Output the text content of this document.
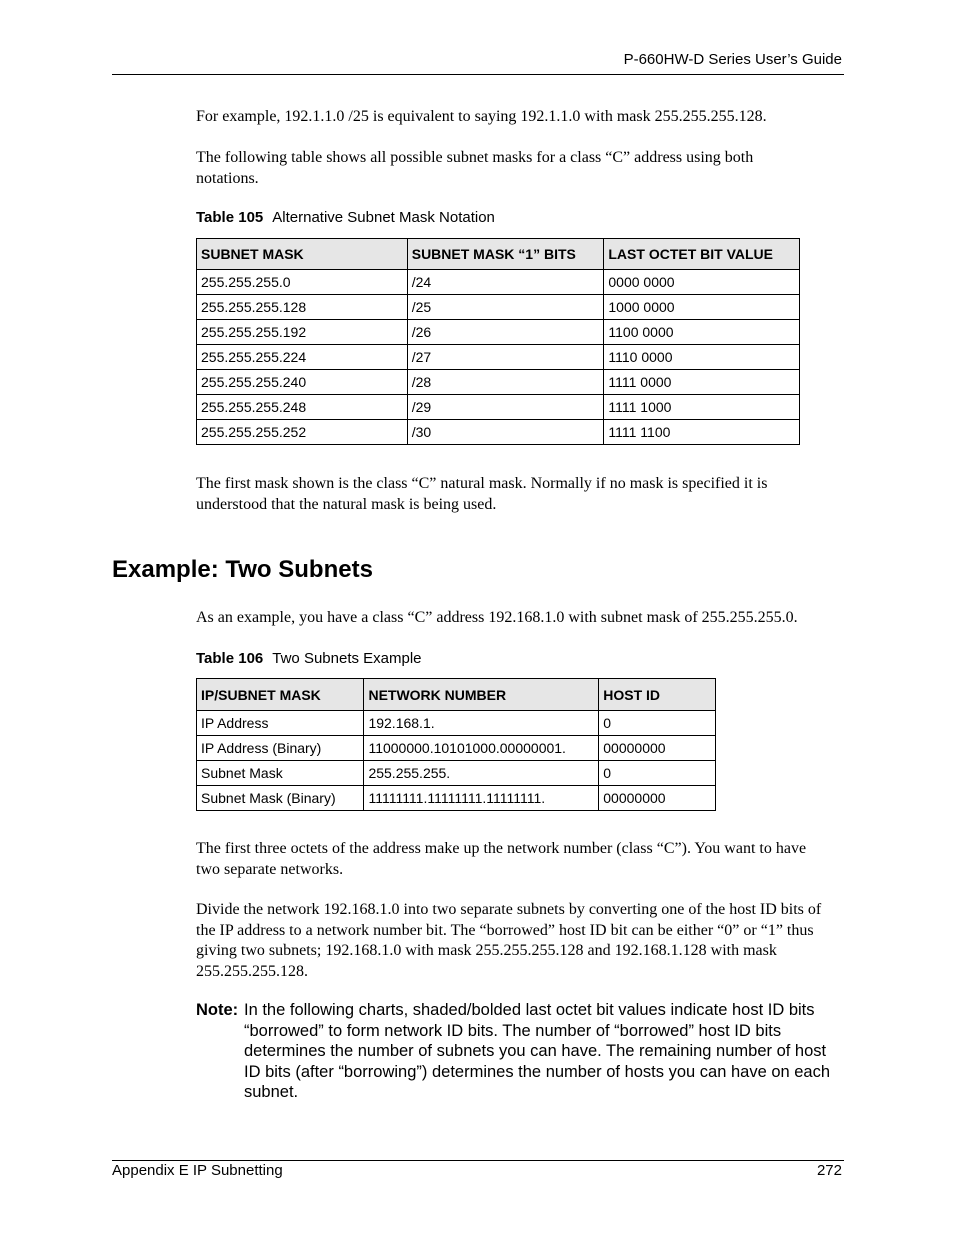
P-660HW-D Series User’s Guide

For example, 192.1.1.0 /25 is equivalent to saying 192.1.1.0 with mask 255.255.255.128.

The following table shows all possible subnet masks for a class “C” address using both notations.

Table 105 Alternative Subnet Mask Notation
SUBNET MASK	SUBNET MASK “1” BITS	LAST OCTET BIT VALUE
255.255.255.0	/24	0000 0000
255.255.255.128	/25	1000 0000
255.255.255.192	/26	1100 0000
255.255.255.224	/27	1110 0000
255.255.255.240	/28	1111 0000
255.255.255.248	/29	1111 1000
255.255.255.252	/30	1111 1100

The first mask shown is the class “C” natural mask. Normally if no mask is specified it is understood that the natural mask is being used.

Example: Two Subnets

As an example, you have a class “C” address 192.168.1.0 with subnet mask of 255.255.255.0.

Table 106 Two Subnets Example
IP/SUBNET MASK	NETWORK NUMBER	HOST ID
IP Address	192.168.1.	0
IP Address (Binary)	11000000.10101000.00000001.	00000000
Subnet Mask	255.255.255.	0
Subnet Mask (Binary)	11111111.11111111.11111111.	00000000

The first three octets of the address make up the network number (class “C”). You want to have two separate networks.

Divide the network 192.168.1.0 into two separate subnets by converting one of the host ID bits of the IP address to a network number bit. The “borrowed” host ID bit can be either “0” or “1” thus giving two subnets; 192.168.1.0 with mask 255.255.255.128 and 192.168.1.128 with mask 255.255.255.128.

Note: In the following charts, shaded/bolded last octet bit values indicate host ID bits “borrowed” to form network ID bits. The number of “borrowed” host ID bits determines the number of subnets you can have. The remaining number of host ID bits (after “borrowing”) determines the number of hosts you can have on each subnet.
Appendix E IP Subnetting	272
